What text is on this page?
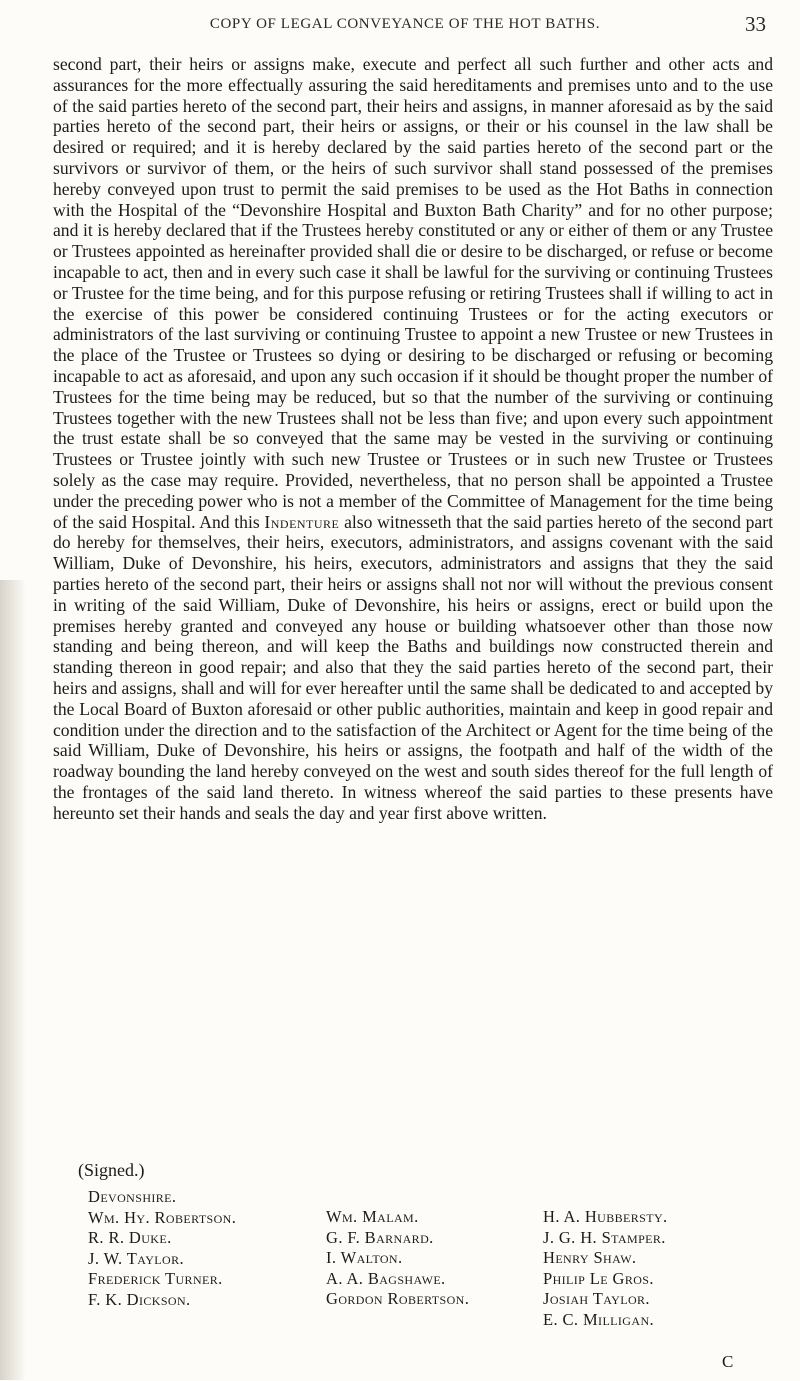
COPY OF LEGAL CONVEYANCE OF THE HOT BATHS.	33
second part, their heirs or assigns make, execute and perfect all such further and other acts and assurances for the more effectually assuring the said hereditaments and premises unto and to the use of the said parties hereto of the second part, their heirs and assigns, in manner aforesaid as by the said parties hereto of the second part, their heirs or assigns, or their or his counsel in the law shall be desired or required; and it is hereby declared by the said parties hereto of the second part or the survivors or survivor of them, or the heirs of such survivor shall stand possessed of the premises hereby conveyed upon trust to permit the said premises to be used as the Hot Baths in connection with the Hospital of the “Devonshire Hospital and Buxton Bath Charity” and for no other purpose; and it is hereby declared that if the Trustees hereby constituted or any or either of them or any Trustee or Trustees appointed as hereinafter provided shall die or desire to be discharged, or refuse or become incapable to act, then and in every such case it shall be lawful for the surviving or continuing Trustees or Trustee for the time being, and for this purpose refusing or retiring Trustees shall if willing to act in the exercise of this power be considered continuing Trustees or for the acting executors or administrators of the last surviving or continuing Trustee to appoint a new Trustee or new Trustees in the place of the Trustee or Trustees so dying or desiring to be discharged or refusing or becoming incapable to act as aforesaid, and upon any such occasion if it should be thought proper the number of Trustees for the time being may be reduced, but so that the number of the surviving or continuing Trustees together with the new Trustees shall not be less than five; and upon every such appointment the trust estate shall be so conveyed that the same may be vested in the surviving or continuing Trustees or Trustee jointly with such new Trustee or Trustees or in such new Trustee or Trustees solely as the case may require. Provided, nevertheless, that no person shall be appointed a Trustee under the preceding power who is not a member of the Committee of Management for the time being of the said Hospital. And this Indenture also witnesseth that the said parties hereto of the second part do hereby for themselves, their heirs, executors, administrators, and assigns covenant with the said William, Duke of Devonshire, his heirs, executors, administrators and assigns that they the said parties hereto of the second part, their heirs or assigns shall not nor will without the previous consent in writing of the said William, Duke of Devonshire, his heirs or assigns, erect or build upon the premises hereby granted and conveyed any house or building whatsoever other than those now standing and being thereon, and will keep the Baths and buildings now constructed therein and standing thereon in good repair; and also that they the said parties hereto of the second part, their heirs and assigns, shall and will for ever hereafter until the same shall be dedicated to and accepted by the Local Board of Buxton aforesaid or other public authorities, maintain and keep in good repair and condition under the direction and to the satisfaction of the Architect or Agent for the time being of the said William, Duke of Devonshire, his heirs or assigns, the footpath and half of the width of the roadway bounding the land hereby conveyed on the west and south sides thereof for the full length of the frontages of the said land thereto. In witness whereof the said parties to these presents have hereunto set their hands and seals the day and year first above written.
(Signed.)
Devonshire.
Wm. Hy. Robertson.
R. R. Duke.
J. W. Taylor.
Frederick Turner.
F. K. Dickson.
Wm. Malam.
G. F. Barnard.
I. Walton.
A. A. Bagshawe.
Gordon Robertson.
H. A. Hubbersty.
J. G. H. Stamper.
Henry Shaw.
Philip Le Gros.
Josiah Taylor.
E. C. Milligan.
C
